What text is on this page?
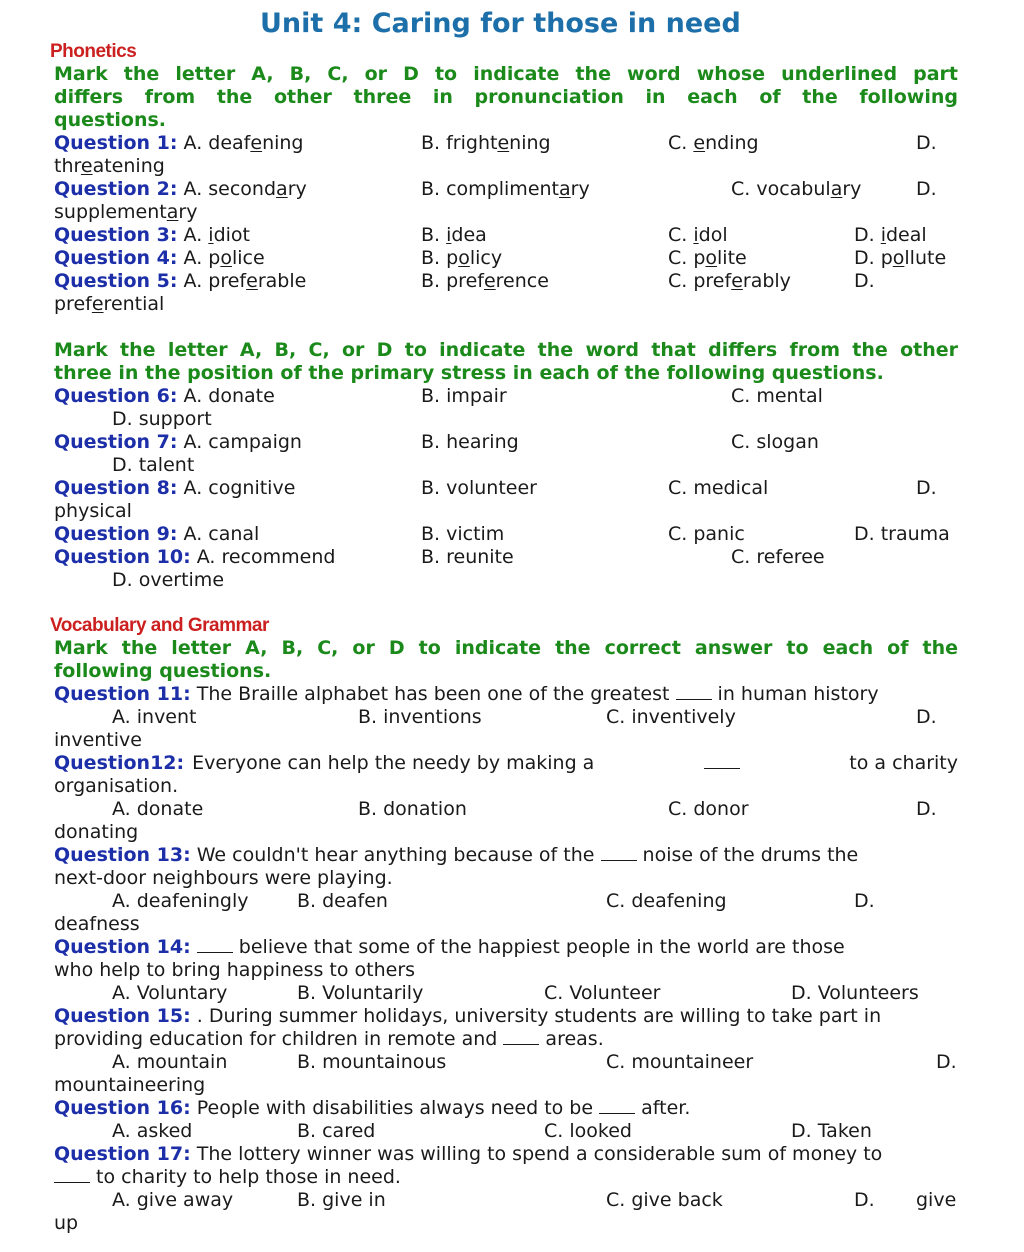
Unit 4: Caring for those in need
Phonetics
Mark the letter A, B, C, or D to indicate the word whose underlined part
differs from the other three in pronunciation in each of the following
questions.
Question 1: A. deafening	B. frightening	C. ending	D.
threatening
Question 2: A. secondary	B. complimentary	C. vocabulary	D.
supplementary
Question 3: A. idiot	B. idea	C. idol	D. ideal
Question 4: A. police	B. policy	C. polite	D. pollute
Question 5: A. preferable	B. preference	C. preferably	D.
preferential
Mark the letter A, B, C, or D to indicate the word that differs from the other
three in the position of the primary stress in each of the following questions.
Question 6: A. donate	B. impair	C. mental
D. support
Question 7: A. campaign	B. hearing	C. slogan
D. talent
Question 8: A. cognitive	B. volunteer	C. medical	D.
physical
Question 9: A. canal	B. victim	C. panic	D. trauma
Question 10: A. recommend	B. reunite	C. referee
D. overtime
Vocabulary and Grammar
Mark the letter A, B, C, or D to indicate the correct answer to each of the
following questions.
Question 11: The Braille alphabet has been one of the greatest  in human history
A. invent	B. inventions	C. inventively	D.
inventive
Question 12: Everyone can help the needy by making a	to a charity
organisation.
A. donate	B. donation	C. donor	D.
donating
Question 13: We couldn't hear anything because of the  noise of the drums the
next-door neighbours were playing.
A. deafeningly	B. deafen	C. deafening	D.
deafness
Question 14:  believe that some of the happiest people in the world are those
who help to bring happiness to others
A. Voluntary	B. Voluntarily	C. Volunteer	D. Volunteers
Question 15: . During summer holidays, university students are willing to take part in
providing education for children in remote and  areas.
A. mountain	B. mountainous	C. mountaineer	D.
mountaineering
Question 16: People with disabilities always need to be  after.
A. asked	B. cared	C. looked	D. Taken
Question 17: The lottery winner was willing to spend a considerable sum of money to
to charity to help those in need.
A. give away	B. give in	C. give back	D. give
up
